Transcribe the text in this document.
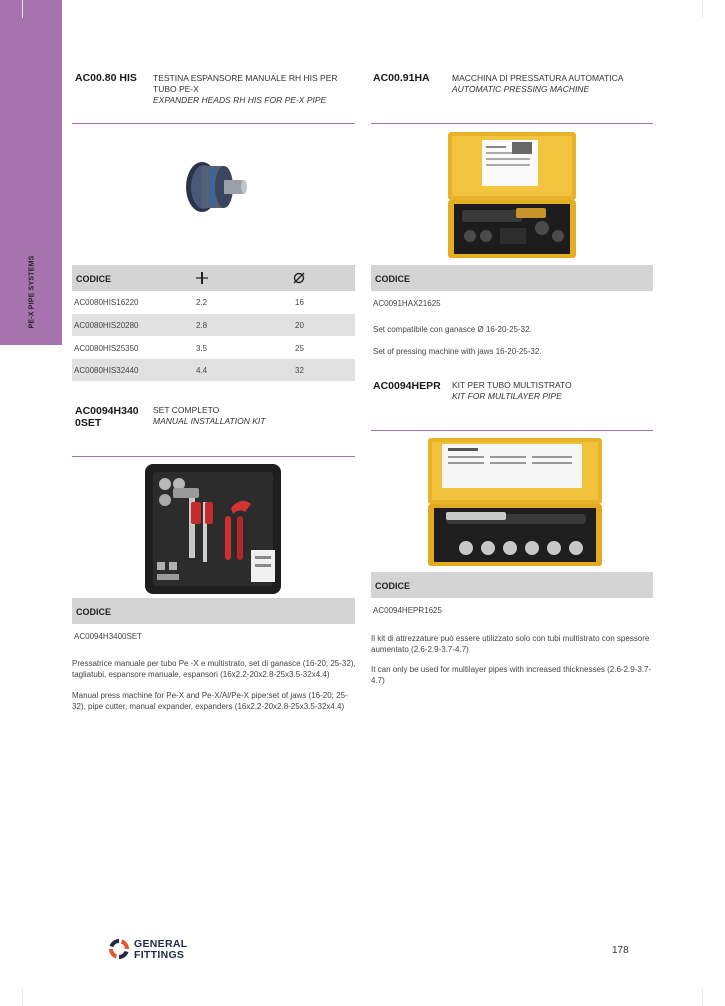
PE-X PIPE SYSTEMS
AC00.80 HIS TESTINA ESPANSORE MANUALE RH HIS PER TUBO PE-X
EXPANDER HEADS RH HIS FOR PE-X PIPE
CODICE
AC0080HIS16220	2.2	16
AC0080HIS20280	2.8	20
AC0080HIS25350	3.5	25
AC0080HIS32440	4.4	32
AC0094H340
0SET
SET COMPLETO
MANUAL INSTALLATION KIT
CODICE
AC0094H3400SET
Pressatrice manuale per tubo Pe -X e multistrato, set di ganasce (16-20; 25-32), tagliatubi, espansore manuale, espansori (16x2.2-20x2.8-25x3.5-32x4.4)
Manual press machine for Pe-X and Pe-X/Al/Pe-X pipe:set of jaws (16-20; 25-32), pipe cutter, manual expander, expanders (16x2.2-20x2.8-25x3.5-32x4.4)
AC00.91HA	MACCHINA DI PRESSATURA AUTOMATICA
AUTOMATIC PRESSING MACHINE
CODICE
AC0091HAX21625
Set compatibile con ganasce Ø 16-20-25-32.
Set of pressing machine with jaws 16-20-25-32.
AC0094HEPR KIT PER TUBO MULTISTRATO
KIT FOR MULTILAYER PIPE
CODICE
AC0094HEPR1625
Il kit di attrezzature può essere utilizzato solo con tubi multistrato con spessore aumentato (2.6-2.9-3.7-4.7)
It can only be used for multilayer pipes with increased thicknesses (2.6-2.9-3.7-4.7)
GENERAL
FITTINGS	178
